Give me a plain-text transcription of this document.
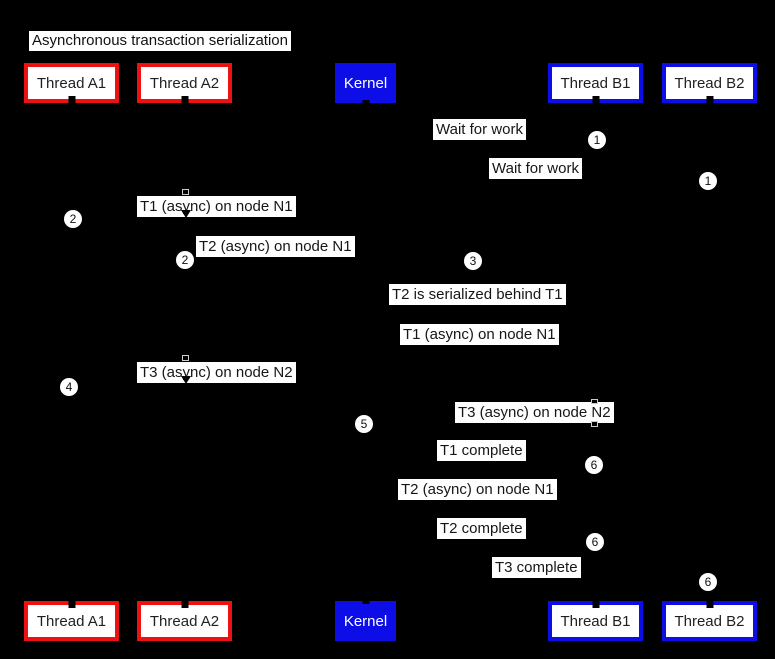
Asynchronous transaction serialization
Thread A1	Thread A2	Kernel	Thread B1	Thread B2
Thread A1	Thread A2	Kernel	Thread B1	Thread B2
Wait for work
Wait for work
T1 (async) on node N1
T2 (async) on node N1
T2 is serialized behind T1
T1 (async) on node N1
T3 (async) on node N2
T3 (async) on node N2
T1 complete
T2 (async) on node N1
T2 complete
T3 complete
1
1
2
2	3
4
5
6
6
6
